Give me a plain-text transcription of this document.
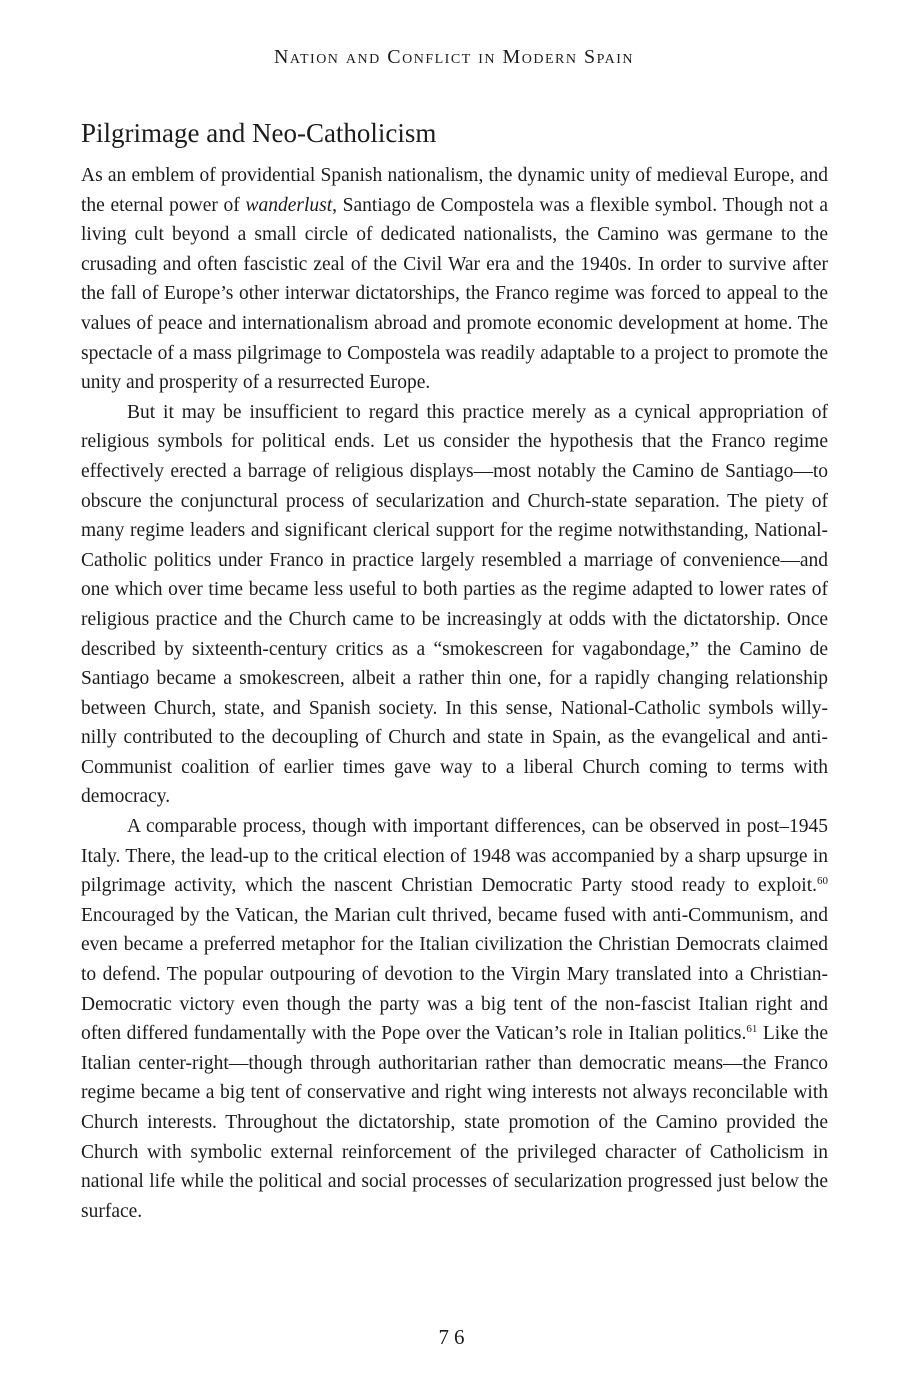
Nation and Conflict in Modern Spain
Pilgrimage and Neo-Catholicism

As an emblem of providential Spanish nationalism, the dynamic unity of medieval Europe, and the eternal power of wanderlust, Santiago de Compostela was a flexible symbol. Though not a living cult beyond a small circle of dedicated nationalists, the Camino was germane to the crusading and often fascistic zeal of the Civil War era and the 1940s. In order to survive after the fall of Europe’s other interwar dictatorships, the Franco regime was forced to appeal to the values of peace and internationalism abroad and promote economic development at home. The spectacle of a mass pilgrimage to Compostela was readily adaptable to a project to promote the unity and prosperity of a resurrected Europe.

But it may be insufficient to regard this practice merely as a cynical appropriation of religious symbols for political ends. Let us consider the hypothesis that the Franco regime effectively erected a barrage of religious displays—most notably the Camino de Santiago—to obscure the conjunctural process of secularization and Church-state separation. The piety of many regime leaders and significant clerical support for the regime notwithstanding, National-Catholic politics under Franco in practice largely resembled a marriage of convenience—and one which over time became less useful to both parties as the regime adapted to lower rates of religious practice and the Church came to be increasingly at odds with the dictatorship. Once described by sixteenth-century critics as a “smokescreen for vagabondage,” the Camino de Santiago became a smokescreen, albeit a rather thin one, for a rapidly changing relationship between Church, state, and Spanish society. In this sense, National-Catholic symbols willy-nilly contributed to the decoupling of Church and state in Spain, as the evangelical and anti-Communist coalition of earlier times gave way to a liberal Church coming to terms with democracy.

A comparable process, though with important differences, can be observed in post–1945 Italy. There, the lead-up to the critical election of 1948 was accompanied by a sharp upsurge in pilgrimage activity, which the nascent Christian Democratic Party stood ready to exploit.$^{60}$ Encouraged by the Vatican, the Marian cult thrived, became fused with anti-Communism, and even became a preferred metaphor for the Italian civilization the Christian Democrats claimed to defend. The popular outpouring of devotion to the Virgin Mary translated into a Christian-Democratic victory even though the party was a big tent of the non-fascist Italian right and often differed fundamentally with the Pope over the Vatican’s role in Italian politics.$^{61}$ Like the Italian center-right—though through authoritarian rather than democratic means—the Franco regime became a big tent of conservative and right wing interests not always reconcilable with Church interests. Throughout the dictatorship, state promotion of the Camino provided the Church with symbolic external reinforcement of the privileged character of Catholicism in national life while the political and social processes of secularization progressed just below the surface.

76
